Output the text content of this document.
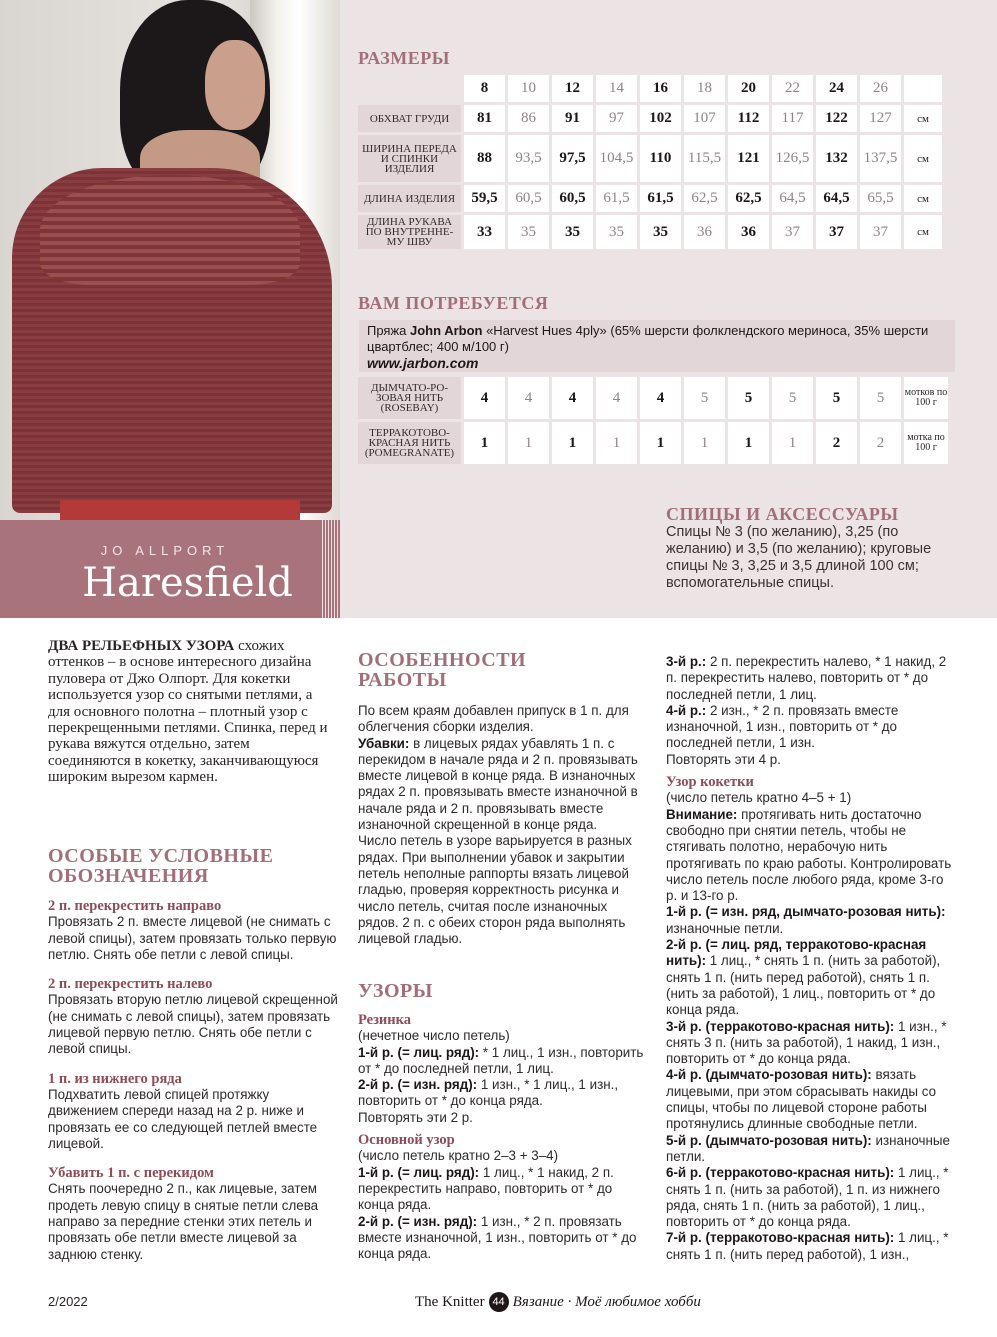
JO ALLPORT
Haresfield
РАЗМЕРЫ
	8	10	12	14	16	18	20	22	24	26	
ОБХВАТ ГРУДИ	81	86	91	97	102	107	112	117	122	127	см
ШИРИНА ПЕРЕДА И СПИНКИ ИЗДЕЛИЯ	88	93,5	97,5	104,5	110	115,5	121	126,5	132	137,5	см
ДЛИНА ИЗДЕЛИЯ	59,5	60,5	60,5	61,5	61,5	62,5	62,5	64,5	64,5	65,5	см
ДЛИНА РУКАВА ПО ВНУТРЕННЕ-МУ ШВУ	33	35	35	35	35	36	36	37	37	37	см
ВАМ ПОТРЕБУЕТСЯ
Пряжа John Arbon «Harvest Hues 4ply» (65% шерсти фолклендского мериноса, 35% шерсти цвартблес; 400 м/100 г)
www.jarbon.com
ДЫМЧАТО-РО-ЗОВАЯ НИТЬ (ROSEBAY)	4	4	4	4	4	5	5	5	5	5	мотков по 100 г
ТЕРРАКОТОВО-КРАСНАЯ НИТЬ (POMEGRANATE)	1	1	1	1	1	1	1	1	2	2	мотка по 100 г
СПИЦЫ И АКСЕССУАРЫ
Спицы № 3 (по желанию), 3,25 (по желанию) и 3,5 (по желанию); круговые спицы № 3, 3,25 и 3,5 длиной 100 см; вспомогательные спицы.
ДВА РЕЛЬЕФНЫХ УЗОРА схожих оттенков – в основе интересного дизайна пуловера от Джо Олпорт. Для кокетки используется узор со снятыми петлями, а для основного полотна – плотный узор с перекрещенными петлями. Спинка, перед и рукава вяжутся отдельно, затем соединяются в кокетку, заканчивающуюся широким вырезом кармен.
ОСОБЫЕ УСЛОВНЫЕ ОБОЗНАЧЕНИЯ

2 п. перекрестить направо

Провязать 2 п. вместе лицевой (не снимать с левой спицы), затем провязать только первую петлю. Снять обе петли с левой спицы.

2 п. перекрестить налево

Провязать вторую петлю лицевой скрещенной (не снимать с левой спицы), затем провязать лицевой первую петлю. Снять обе петли с левой спицы.

1 п. из нижнего ряда

Подхватить левой спицей протяжку движением спереди назад на 2 р. ниже и провязать ее со следующей петлей вместе лицевой.

Убавить 1 п. с перекидом

Снять поочередно 2 п., как лицевые, затем продеть левую спицу в снятые петли слева направо за передние стенки этих петель и провязать обе петли вместе лицевой за заднюю стенку.

ОСОБЕННОСТИ РАБОТЫ

По всем краям добавлен припуск в 1 п. для облегчения сборки изделия.

Убавки: в лицевых рядах убавлять 1 п. с перекидом в начале ряда и 2 п. провязывать вместе лицевой в конце ряда. В изнаночных рядах 2 п. провязывать вместе изнаночной в начале ряда и 2 п. провязывать вместе изнаночной скрещенной в конце ряда.

Число петель в узоре варьируется в разных рядах. При выполнении убавок и закрытии петель неполные раппорты вязать лицевой гладью, проверяя корректность рисунка и число петель, считая после изнаночных рядов. 2 п. с обеих сторон ряда выполнять лицевой гладью.

УЗОРЫ

Резинка

(нечетное число петель)

1-й р. (= лиц. ряд): * 1 лиц., 1 изн., повторить от * до последней петли, 1 лиц.

2-й р. (= изн. ряд): 1 изн., * 1 лиц., 1 изн., повторить от * до конца ряда.

Повторять эти 2 р.

Основной узор

(число петель кратно 2–3 + 3–4)

1-й р. (= лиц. ряд): 1 лиц., * 1 накид, 2 п. перекрестить направо, повторить от * до конца ряда.

2-й р. (= изн. ряд): 1 изн., * 2 п. провязать вместе изнаночной, 1 изн., повторить от * до конца ряда.

3-й р.: 2 п. перекрестить налево, * 1 накид, 2 п. перекрестить налево, повторить от * до последней петли, 1 лиц.

4-й р.: 2 изн., * 2 п. провязать вместе изнаночной, 1 изн., повторить от * до последней петли, 1 изн.

Повторять эти 4 р.

Узор кокетки

(число петель кратно 4–5 + 1)

Внимание: протягивать нить достаточно свободно при снятии петель, чтобы не стягивать полотно, нерабочую нить протягивать по краю работы. Контролировать число петель после любого ряда, кроме 3-го р. и 13-го р.

1-й р. (= изн. ряд, дымчато-розовая нить): изнаночные петли.

2-й р. (= лиц. ряд, терракотово-красная нить): 1 лиц., * снять 1 п. (нить за работой), снять 1 п. (нить перед работой), снять 1 п. (нить за работой), 1 лиц., повторить от * до конца ряда.

3-й р. (терракотово-красная нить): 1 изн., * снять 3 п. (нить за работой), 1 накид, 1 изн., повторить от * до конца ряда.

4-й р. (дымчато-розовая нить): вязать лицевыми, при этом сбрасывать накиды со спицы, чтобы по лицевой стороне работы протянулись длинные свободные петли.

5-й р. (дымчато-розовая нить): изнаночные петли.

6-й р. (терракотово-красная нить): 1 лиц., * снять 1 п. (нить за работой), 1 п. из нижнего ряда, снять 1 п. (нить за работой), 1 лиц., повторить от * до конца ряда.

7-й р. (терракотово-красная нить): 1 лиц., * снять 1 п. (нить перед работой), 1 изн.,

2/2022	The Knitter 44 Вязание · Моё любимое хобби
